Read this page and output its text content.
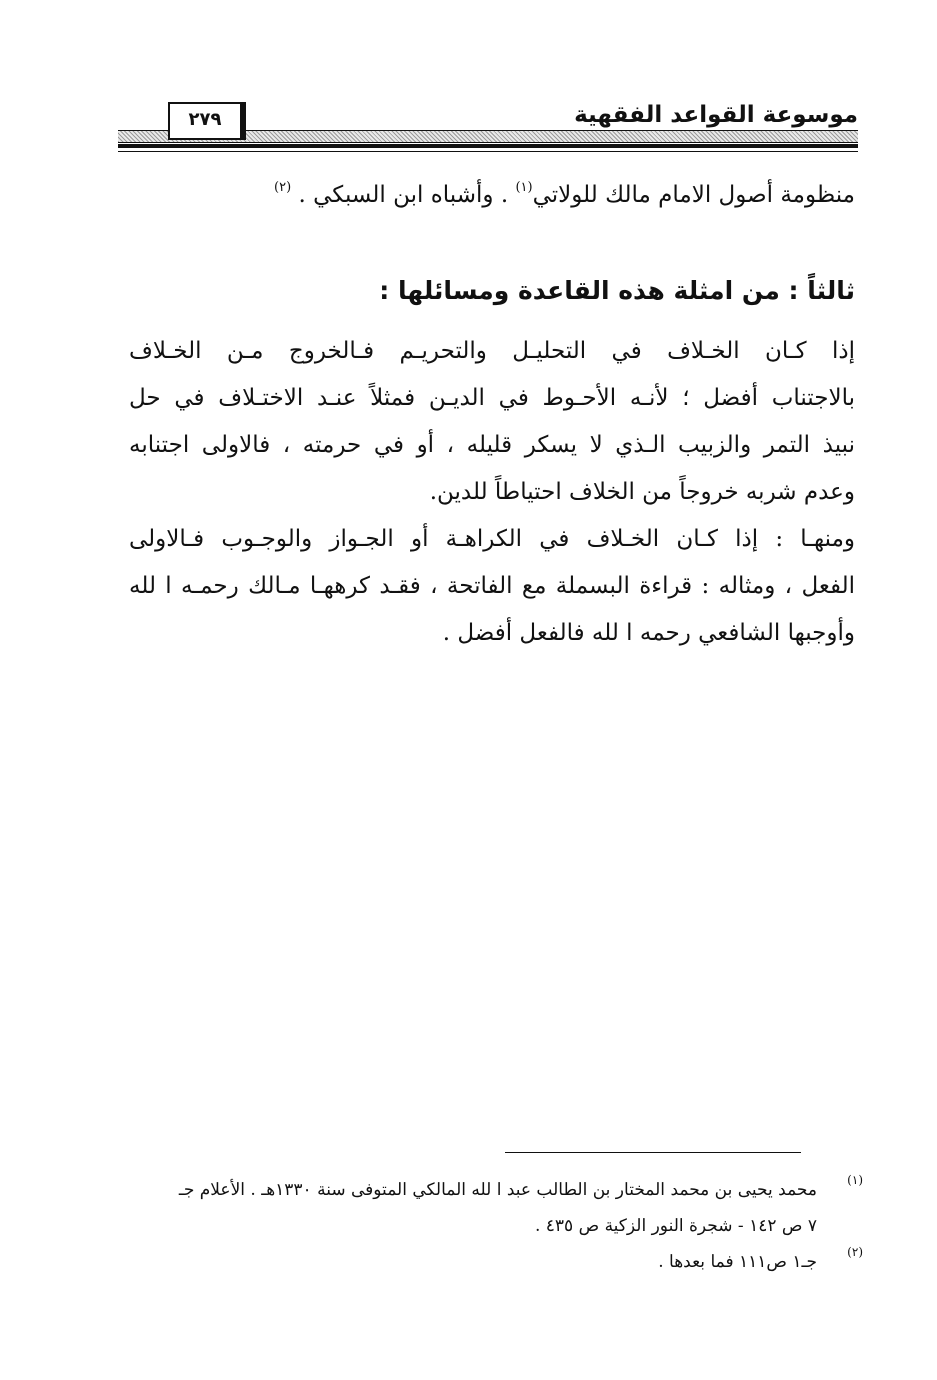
موسوعة القواعد الفقهية
٢٧٩
منظومة أصول الامام مالك للولاتي$^{(١)}$ . وأشباه ابن السبكي . $^{(٢)}$
ثالثاً : من امثلة هذه القاعدة ومسائلها :
إذا كـان الخـلاف في التحليـل والتحريـم فـالخروج مـن الخـلاف
بالاجتناب أفضل ؛ لأنـه الأحـوط في الديـن فمثلاً عنـد الاختـلاف في حل
نبيذ التمر والزبيب الـذي لا يسكر قليله ، أو في حرمته ، فالاولى اجتنابه
وعدم شربه خروجاً من الخلاف احتياطاً للدين.
ومنهـا : إذا كـان الخـلاف في الكراهـة أو الجـواز والوجـوب فـالاولى
الفعل ، ومثاله : قراءة البسملة مع الفاتحة ، فقـد كرههـا مـالك رحمـه ا لله
وأوجبها الشافعي رحمه ا لله فالفعل أفضل .
(١)
محمد يحيى بن محمد المختار بن الطالب عبد ا لله المالكي المتوفى سنة ١٣٣٠هـ . الأعلام جـ
٧ ص ١٤٢ - شجرة النور الزكية ص ٤٣٥ .
(٢)
جـ١ ص١١١ فما بعدها .
